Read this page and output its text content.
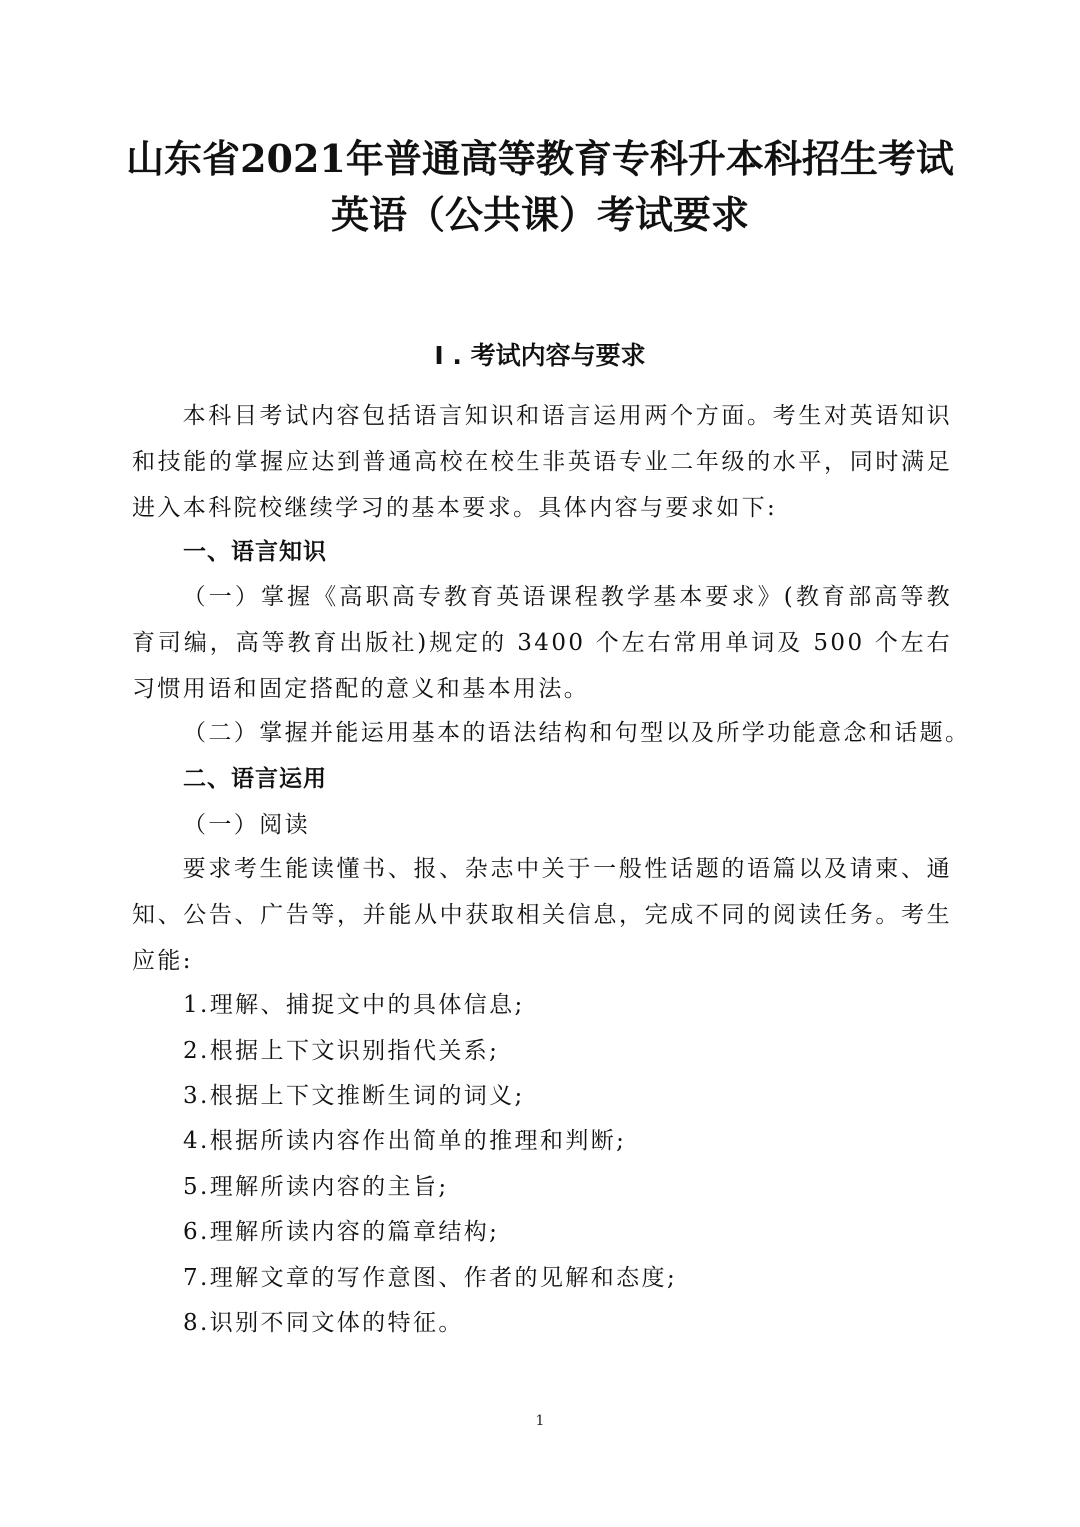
山东省2021年普通高等教育专科升本科招生考试
英语（公共课）考试要求
I . 考试内容与要求
本科目考试内容包括语言知识和语言运用两个方面。考生对英语知识和技能的掌握应达到普通高校在校生非英语专业二年级的水平，同时满足进入本科院校继续学习的基本要求。具体内容与要求如下:
一、语言知识
（一）掌握《高职高专教育英语课程教学基本要求》(教育部高等教育司编，高等教育出版社)规定的 3400 个左右常用单词及 500 个左右习惯用语和固定搭配的意义和基本用法。
（二）掌握并能运用基本的语法结构和句型以及所学功能意念和话题。
二、语言运用
（一）阅读
要求考生能读懂书、报、杂志中关于一般性话题的语篇以及请柬、通知、公告、广告等，并能从中获取相关信息，完成不同的阅读任务。考生应能:
1.理解、捕捉文中的具体信息;
2.根据上下文识别指代关系;
3.根据上下文推断生词的词义;
4.根据所读内容作出简单的推理和判断;
5.理解所读内容的主旨;
6.理解所读内容的篇章结构;
7.理解文章的写作意图、作者的见解和态度;
8.识别不同文体的特征。
1
